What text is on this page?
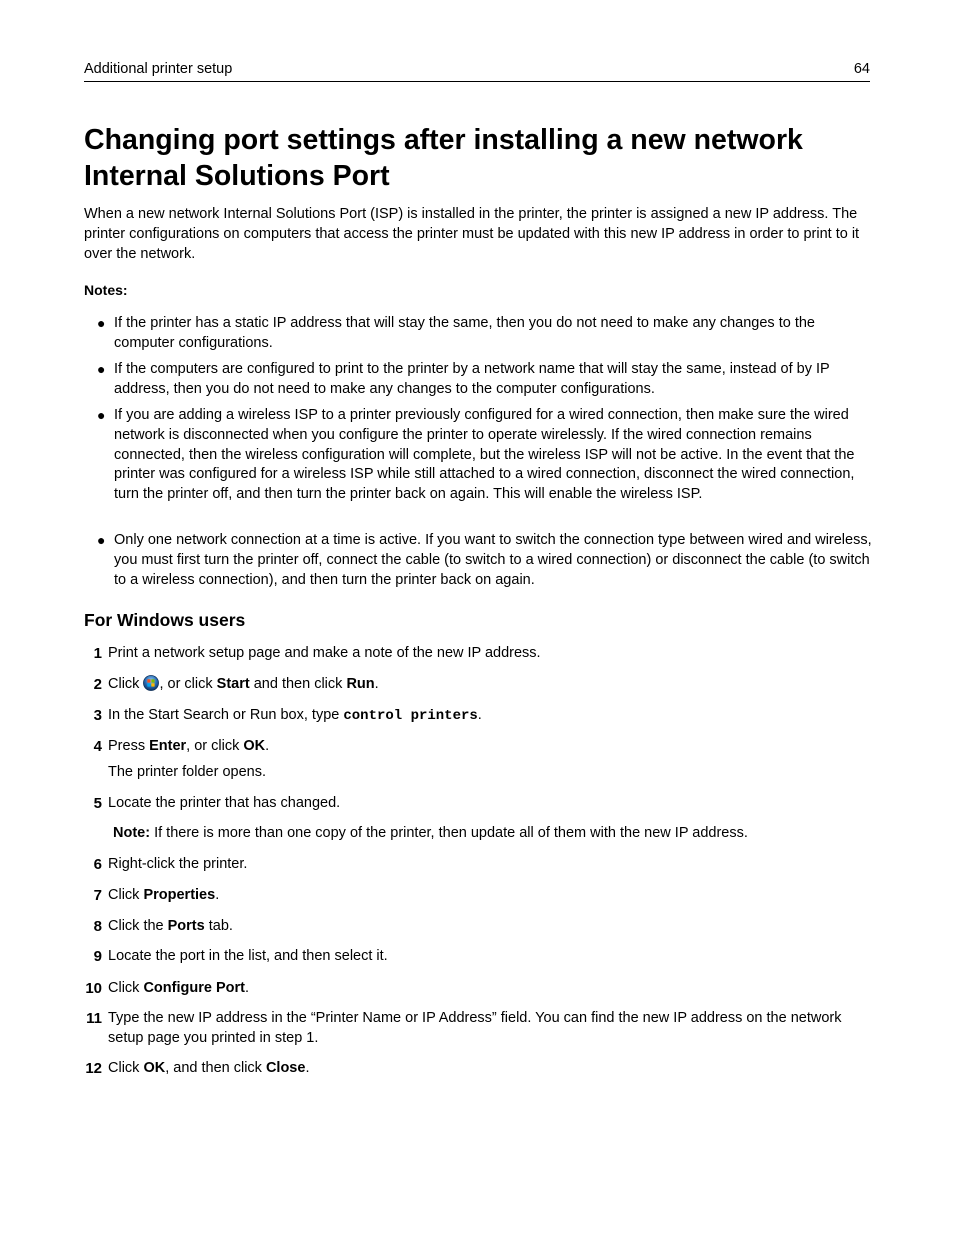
Additional printer setup	64
Changing port settings after installing a new network Internal Solutions Port
When a new network Internal Solutions Port (ISP) is installed in the printer, the printer is assigned a new IP address. The printer configurations on computers that access the printer must be updated with this new IP address in order to print to it over the network.
Notes:
● If the printer has a static IP address that will stay the same, then you do not need to make any changes to the computer configurations.
● If the computers are configured to print to the printer by a network name that will stay the same, instead of by IP address, then you do not need to make any changes to the computer configurations.
● If you are adding a wireless ISP to a printer previously configured for a wired connection, then make sure the wired network is disconnected when you configure the printer to operate wirelessly. If the wired connection remains connected, then the wireless configuration will complete, but the wireless ISP will not be active. In the event that the printer was configured for a wireless ISP while still attached to a wired connection, disconnect the wired connection, turn the printer off, and then turn the printer back on again. This will enable the wireless ISP.
● Only one network connection at a time is active. If you want to switch the connection type between wired and wireless, you must first turn the printer off, connect the cable (to switch to a wired connection) or disconnect the cable (to switch to a wireless connection), and then turn the printer back on again.
For Windows users
1 Print a network setup page and make a note of the new IP address.
2 Click , or click Start and then click Run.
3 In the Start Search or Run box, type control printers.
4 Press Enter, or click OK.
The printer folder opens.
5 Locate the printer that has changed.
Note: If there is more than one copy of the printer, then update all of them with the new IP address.
6 Right-click the printer.
7 Click Properties.
8 Click the Ports tab.
9 Locate the port in the list, and then select it.
10 Click Configure Port.
11 Type the new IP address in the “Printer Name or IP Address” field. You can find the new IP address on the network setup page you printed in step 1.
12 Click OK, and then click Close.
